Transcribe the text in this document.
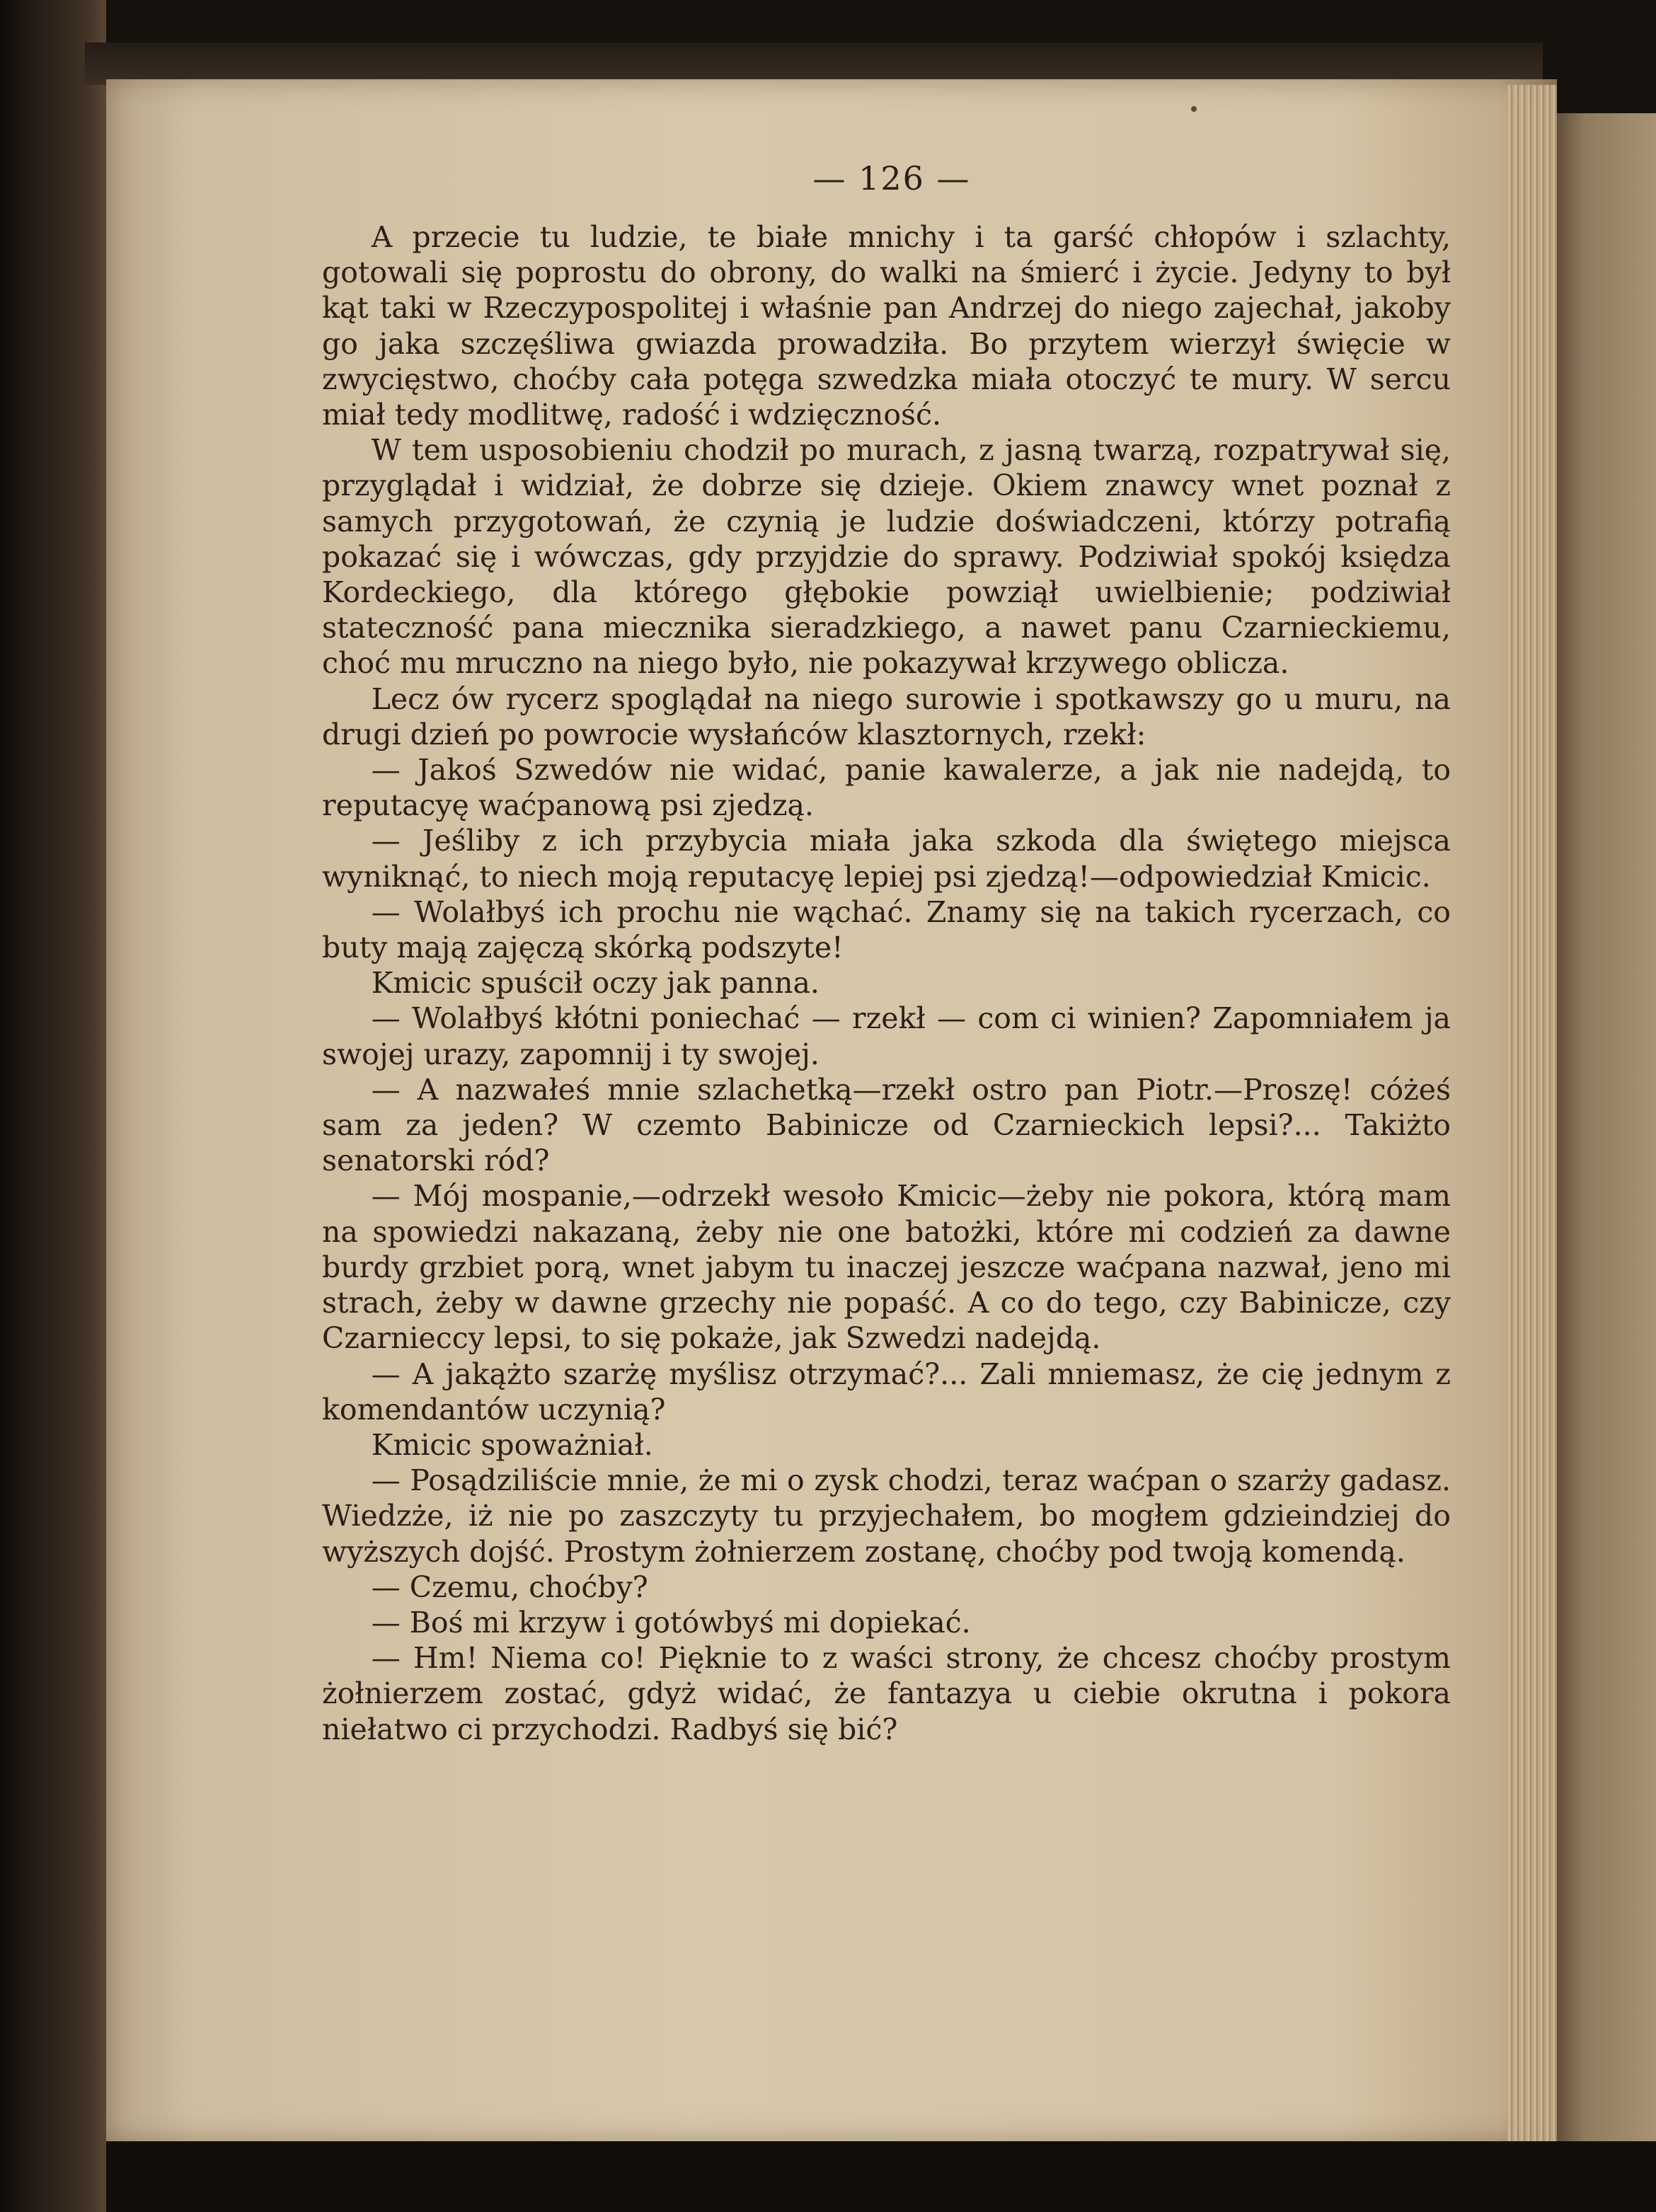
— 126 —

A przecie tu ludzie, te białe mnichy i ta garść chłopów i szlachty, gotowali się poprostu do obrony, do walki na śmierć i życie. Jedyny to był kąt taki w Rzeczypospolitej i właśnie pan Andrzej do niego zajechał, jakoby go jaka szczęśliwa gwiazda prowadziła. Bo przytem wierzył święcie w zwycięstwo, choćby cała potęga szwedzka miała otoczyć te mury. W sercu miał tedy modlitwę, radość i wdzięczność.

W tem usposobieniu chodził po murach, z jasną twarzą, rozpatrywał się, przyglądał i widział, że dobrze się dzieje. Okiem znawcy wnet poznał z samych przygotowań, że czynią je ludzie doświadczeni, którzy potrafią pokazać się i wówczas, gdy przyjdzie do sprawy. Podziwiał spokój księdza Kordeckiego, dla którego głębokie powziął uwielbienie; podziwiał stateczność pana miecznika sieradzkiego, a nawet panu Czarnieckiemu, choć mu mruczno na niego było, nie pokazywał krzywego oblicza.

Lecz ów rycerz spoglądał na niego surowie i spotkawszy go u muru, na drugi dzień po powrocie wysłańców klasztornych, rzekł:

— Jakoś Szwedów nie widać, panie kawalerze, a jak nie nadejdą, to reputacyę waćpanową psi zjedzą.

— Jeśliby z ich przybycia miała jaka szkoda dla świętego miejsca wyniknąć, to niech moją reputacyę lepiej psi zjedzą!—odpowiedział Kmicic.

— Wolałbyś ich prochu nie wąchać. Znamy się na takich rycerzach, co buty mają zajęczą skórką podszyte!

Kmicic spuścił oczy jak panna.

— Wolałbyś kłótni poniechać — rzekł — com ci winien? Zapomniałem ja swojej urazy, zapomnij i ty swojej.

— A nazwałeś mnie szlachetką—rzekł ostro pan Piotr.—Proszę! cóżeś sam za jeden? W czemto Babinicze od Czarnieckich lepsi?... Takiżto senatorski ród?

— Mój mospanie,—odrzekł wesoło Kmicic—żeby nie pokora, którą mam na spowiedzi nakazaną, żeby nie one batożki, które mi codzień za dawne burdy grzbiet porą, wnet jabym tu inaczej jeszcze waćpana nazwał, jeno mi strach, żeby w dawne grzechy nie popaść. A co do tego, czy Babinicze, czy Czarnieccy lepsi, to się pokaże, jak Szwedzi nadejdą.

— A jakążto szarżę myślisz otrzymać?... Zali mniemasz, że cię jednym z komendantów uczynią?

Kmicic spoważniał.

— Posądziliście mnie, że mi o zysk chodzi, teraz waćpan o szarży gadasz. Wiedzże, iż nie po zaszczyty tu przyjechałem, bo mogłem gdzieindziej do wyższych dojść. Prostym żołnierzem zostanę, choćby pod twoją komendą.

— Czemu, choćby?

— Boś mi krzyw i gotówbyś mi dopiekać.

— Hm! Niema co! Pięknie to z waści strony, że chcesz choćby prostym żołnierzem zostać, gdyż widać, że fantazya u ciebie okrutna i pokora niełatwo ci przychodzi. Radbyś się bić?
